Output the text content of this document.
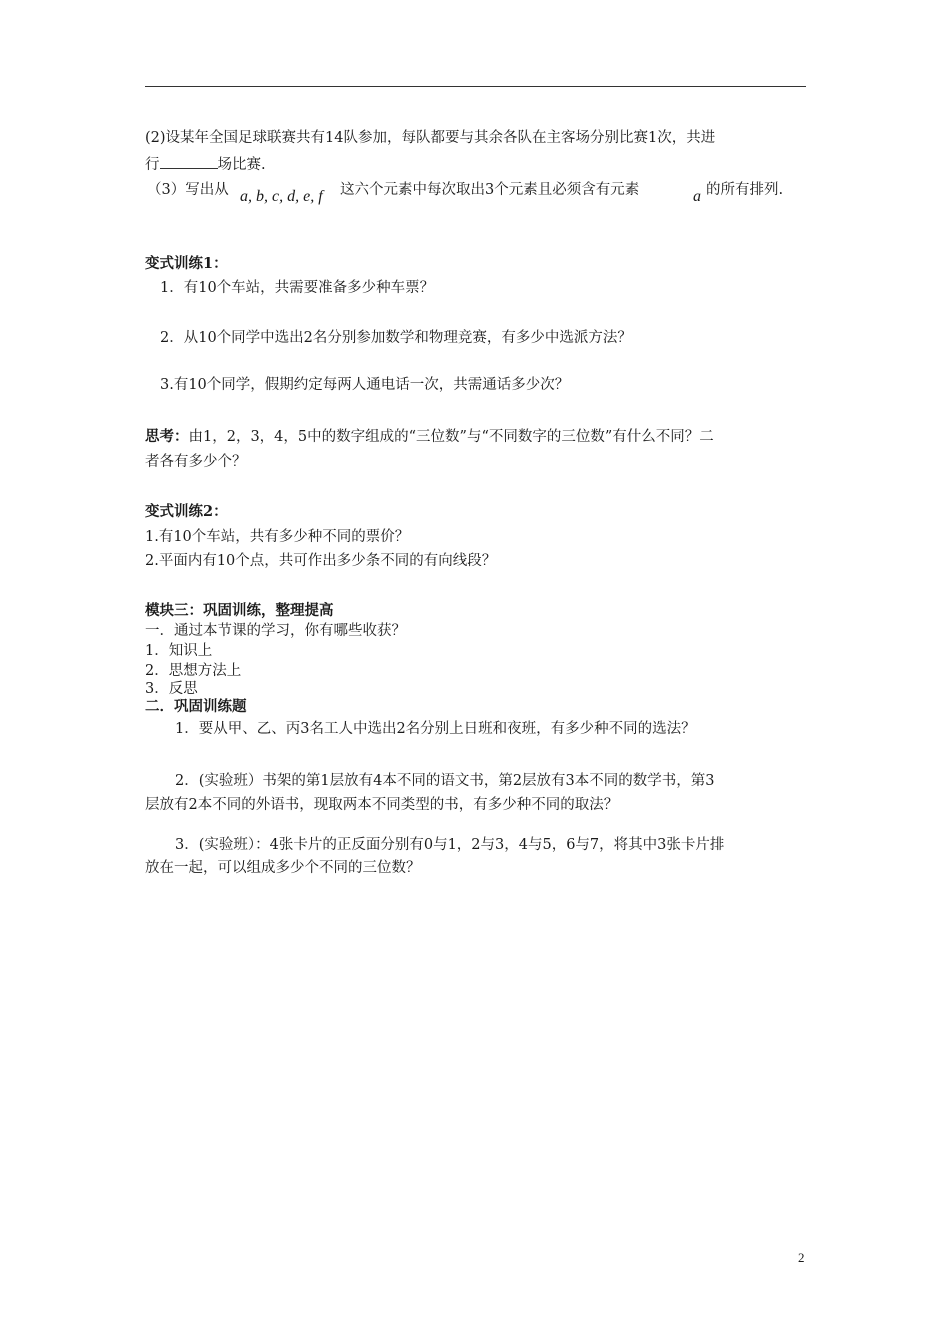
(2)设某年全国足球联赛共有14队参加，每队都要与其余各队在主客场分别比赛1次，共进
行	场比赛.
（3）写出从 a, b, c, d, e, f 这六个元素中每次取出3个元素且必须含有元素	a 的所有排列.
变式训练1：
1．有10个车站，共需要准备多少种车票？
2．从10个同学中选出2名分别参加数学和物理竞赛，有多少中选派方法？
3.有10个同学，假期约定每两人通电话一次，共需通话多少次？
思考：由1，2，3，4，5中的数字组成的“三位数”与“不同数字的三位数”有什么不同？二
者各有多少个？
变式训练2：
1.有10个车站，共有多少种不同的票价？
2.平面内有10个点，共可作出多少条不同的有向线段？
模块三：巩固训练，整理提高
一．通过本节课的学习，你有哪些收获？
1．知识上
2．思想方法上
3．反思
二．巩固训练题
1．要从甲、乙、丙3名工人中选出2名分别上日班和夜班，有多少种不同的选法？
2．(实验班）书架的第1层放有4本不同的语文书，第2层放有3本不同的数学书，第3
层放有2本不同的外语书，现取两本不同类型的书，有多少种不同的取法？
3．(实验班）：4张卡片的正反面分别有0与1，2与3，4与5，6与7，将其中3张卡片排
放在一起，可以组成多少个不同的三位数？
2
